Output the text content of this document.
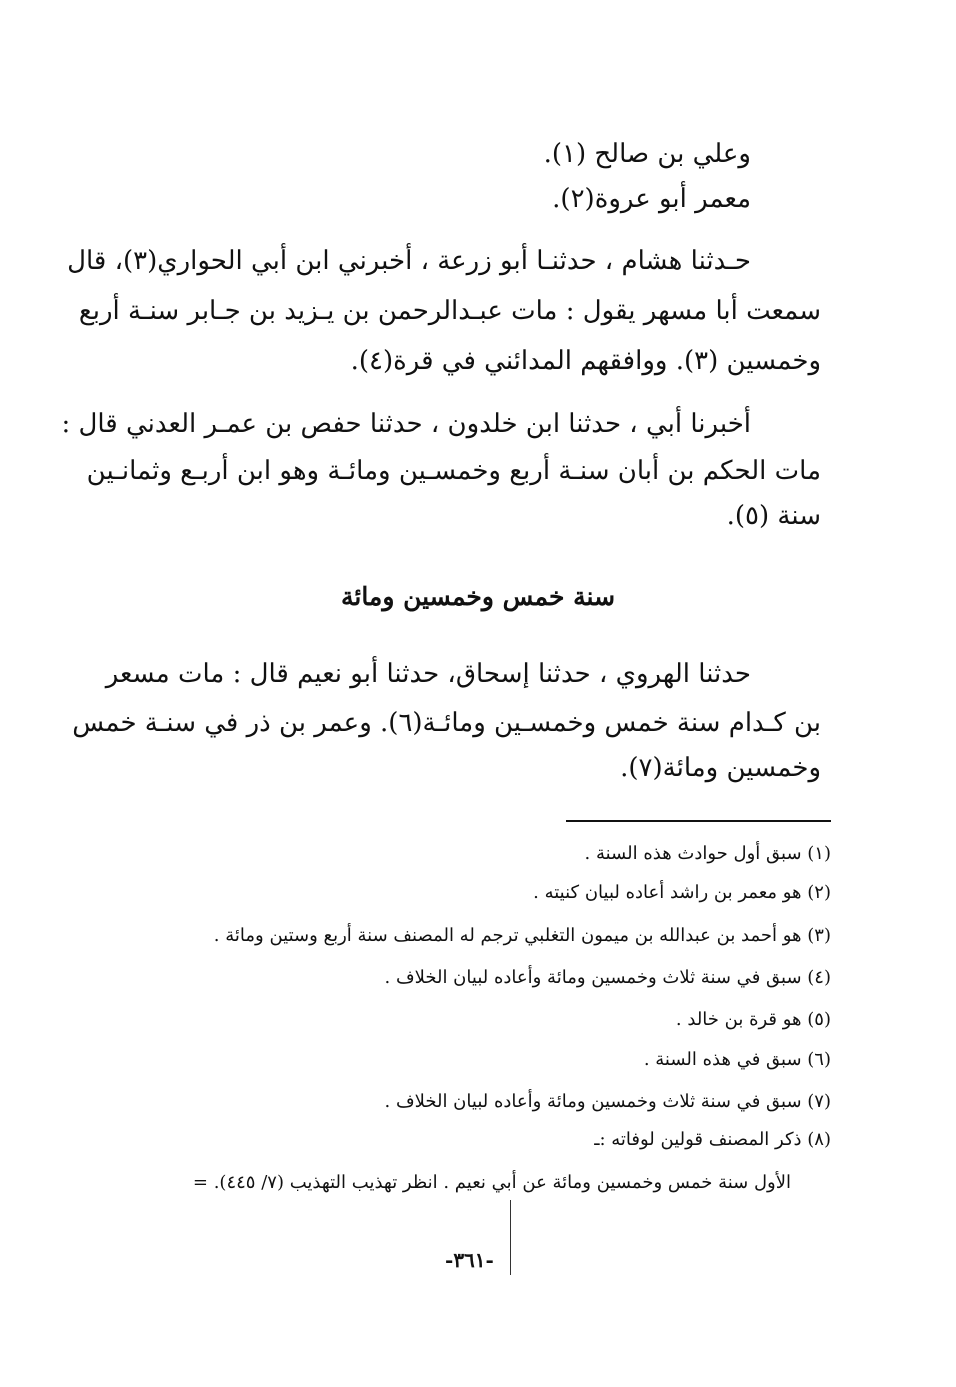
وعلي بن صالح (١).
معمر أبو عروة(٢).
حـدثنا هشام ، حدثنـا أبو زرعة ، أخبرني ابن أبي الحواري(٣)، قال
سمعت أبا مسهر يقول : مات عبـدالرحمن بن يـزيد بن جـابر سنـة أربع
وخمسين (٣). ووافقهم المدائني في قرة(٤).
أخبرنا أبي ، حدثنا ابن خلدون ، حدثنا حفص بن عمـر العدني قال :
مات الحكم بن أبان سنـة أربع وخمسـين ومائـة وهو ابن أربـع وثمانـين
سنة (٥).
سنة خمس وخمسين ومائة
حدثنا الهروي ، حدثنا إسحاق، حدثنا أبو نعيم قال : مات مسعر
بن كـدام سنة خمس وخمسـين ومائـة(٦). وعمر بن ذر في سنـة خمس
وخمسين ومائة(٧).
(١) سبق أول حوادث هذه السنة .
(٢) هو معمر بن راشد أعاده لبيان كنيته .
(٣) هو أحمد بن عبدالله بن ميمون التغلبي ترجم له المصنف سنة أربع وستين ومائة .
(٤) سبق في سنة ثلاث وخمسين ومائة وأعاده لبيان الخلاف .
(٥) هو قرة بن خالد .
(٦) سبق في هذه السنة .
(٧) سبق في سنة ثلاث وخمسين ومائة وأعاده لبيان الخلاف .
(٨) ذكر المصنف قولين لوفاته :ـ
الأول سنة خمس وخمسين ومائة عن أبي نعيم . انظر تهذيب التهذيب (٧/ ٤٤٥). =
-٣٦١-
